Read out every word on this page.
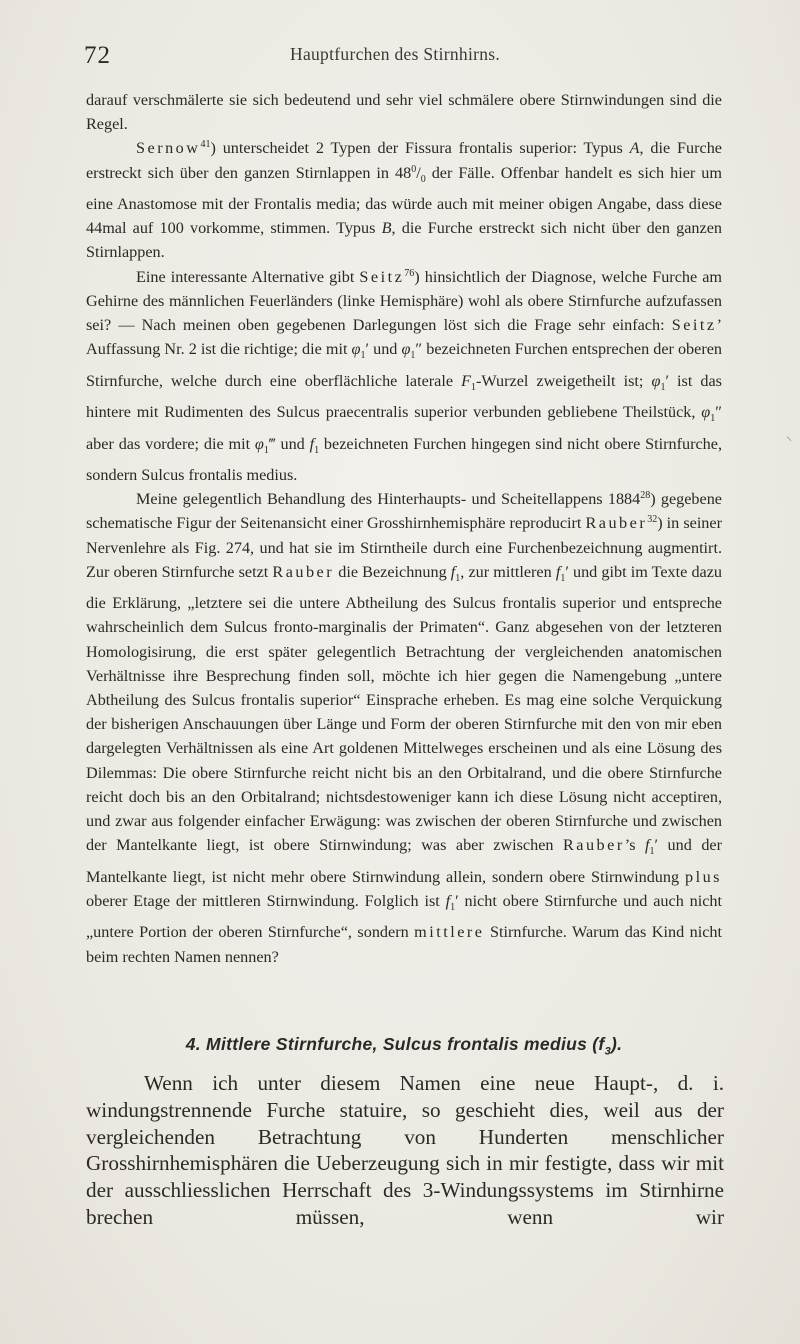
72	Hauptfurchen des Stirnhirns.

darauf verschmälerte sie sich bedeutend und sehr viel schmälere obere Stirnwindungen sind die Regel.

Sernow$^{41}$) unterscheidet 2 Typen der Fissura frontalis superior: Typus A, die Furche erstreckt sich über den ganzen Stirnlappen in $48^0/_0$ der Fälle. Offenbar handelt es sich hier um eine Anastomose mit der Frontalis media; das würde auch mit meiner obigen Angabe, dass diese 44mal auf 100 vorkomme, stimmen. Typus B, die Furche erstreckt sich nicht über den ganzen Stirnlappen.

Eine interessante Alternative gibt Seitz$^{76}$) hinsichtlich der Diagnose, welche Furche am Gehirne des männlichen Feuerländers (linke Hemisphäre) wohl als obere Stirnfurche aufzufassen sei? — Nach meinen oben gegebenen Darlegungen löst sich die Frage sehr einfach: Seitz’ Auffassung Nr. 2 ist die richtige; die mit $\varphi_1'$ und $\varphi_1''$ bezeichneten Furchen entsprechen der oberen Stirnfurche, welche durch eine oberflächliche laterale $F_1$-Wurzel zweigetheilt ist; $\varphi_1'$ ist das hintere mit Rudimenten des Sulcus praecentralis superior verbunden gebliebene Theilstück, $\varphi_1''$ aber das vordere; die mit $\varphi_1‴$ und $f_1$ bezeichneten Furchen hingegen sind nicht obere Stirnfurche, sondern Sulcus frontalis medius.

Meine gelegentlich Behandlung des Hinterhaupts- und Scheitellappens 1884$^{28}$) gegebene schematische Figur der Seitenansicht einer Grosshirnhemisphäre reproducirt Rauber$^{32}$) in seiner Nervenlehre als Fig. 274, und hat sie im Stirntheile durch eine Furchenbezeichnung augmentirt. Zur oberen Stirnfurche setzt Rauber die Bezeichnung $f_1$, zur mittleren $f_1'$ und gibt im Texte dazu die Erklärung, „letztere sei die untere Abtheilung des Sulcus frontalis superior und entspreche wahrscheinlich dem Sulcus fronto-marginalis der Primaten“. Ganz abgesehen von der letzteren Homologisirung, die erst später gelegentlich Betrachtung der vergleichenden anatomischen Verhältnisse ihre Besprechung finden soll, möchte ich hier gegen die Namengebung „untere Abtheilung des Sulcus frontalis superior“ Einsprache erheben. Es mag eine solche Verquickung der bisherigen Anschauungen über Länge und Form der oberen Stirnfurche mit den von mir eben dargelegten Verhältnissen als eine Art goldenen Mittelweges erscheinen und als eine Lösung des Dilemmas: Die obere Stirnfurche reicht nicht bis an den Orbitalrand, und die obere Stirnfurche reicht doch bis an den Orbitalrand; nichtsdestoweniger kann ich diese Lösung nicht acceptiren, und zwar aus folgender einfacher Erwägung: was zwischen der oberen Stirnfurche und zwischen der Mantelkante liegt, ist obere Stirnwindung; was aber zwischen Rauber’s $f_1'$ und der Mantelkante liegt, ist nicht mehr obere Stirnwindung allein, sondern obere Stirnwindung plus oberer Etage der mittleren Stirnwindung. Folglich ist $f_1'$ nicht obere Stirnfurche und auch nicht „untere Portion der oberen Stirnfurche“, sondern mittlere Stirnfurche. Warum das Kind nicht beim rechten Namen nennen?

4. Mittlere Stirnfurche, Sulcus frontalis medius $(f_3)$.

Wenn ich unter diesem Namen eine neue Haupt-, d. i. windungstrennende Furche statuire, so geschieht dies, weil aus der vergleichenden Betrachtung von Hunderten menschlicher Grosshirnhemisphären die Ueberzeugung sich in mir festigte, dass wir mit der ausschliesslichen Herrschaft des 3-Windungssystems im Stirnhirne brechen müssen, wenn wir

⸌
